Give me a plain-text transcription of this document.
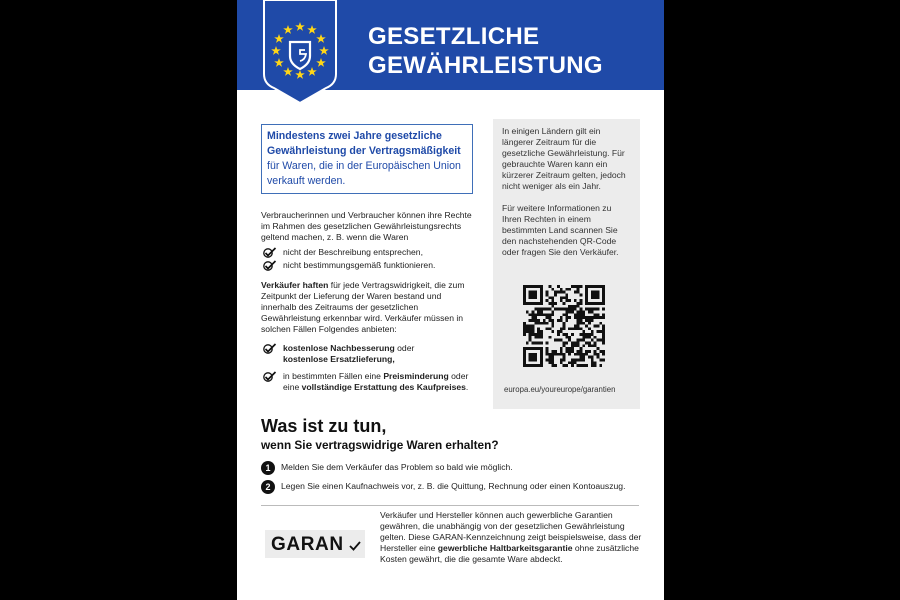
GESETZLICHE
GEWÄHRLEISTUNG
Mindestens zwei Jahre gesetzliche Gewährleistung der Vertragsmäßigkeit für Waren, die in der Europäischen Union verkauft werden.

Verbraucherinnen und Verbraucher können ihre Rechte im Rahmen des gesetzlichen Gewährleistungsrechts geltend machen, z. B. wenn die Waren

nicht der Beschreibung entsprechen,
nicht bestimmungsgemäß funktionieren.

Verkäufer haften für jede Vertragswidrigkeit, die zum Zeitpunkt der Lieferung der Waren bestand und innerhalb des Zeitraums der gesetzlichen Gewährleistung erkennbar wird. Verkäufer müssen in solchen Fällen Folgendes anbieten:

kostenlose Nachbesserung oder
kostenlose Ersatzlieferung,
in bestimmten Fällen eine Preisminderung oder eine vollständige Erstattung des Kaufpreises.

In einigen Ländern gilt ein längerer Zeitraum für die gesetzliche Gewährleistung. Für gebrauchte Waren kann ein kürzerer Zeitraum gelten, jedoch nicht weniger als ein Jahr.

Für weitere Informationen zu Ihren Rechten in einem bestimmten Land scannen Sie den nachstehenden QR-Code oder fragen Sie den Verkäufer.

europa.eu/youreurope/garantien
Was ist zu tun,
wenn Sie vertragswidrige Waren erhalten?
1	Melden Sie dem Verkäufer das Problem so bald wie möglich.
2	Legen Sie einen Kaufnachweis vor, z. B. die Quittung, Rechnung oder einen Kontoauszug.
GARAN

Verkäufer und Hersteller können auch gewerbliche Garantien gewähren, die unabhängig von der gesetzlichen Gewährleistung gelten. Diese GARAN-Kennzeichnung zeigt beispielsweise, dass der Hersteller eine gewerbliche Haltbarkeitsgarantie ohne zusätzliche Kosten gewährt, die die gesamte Ware abdeckt.
